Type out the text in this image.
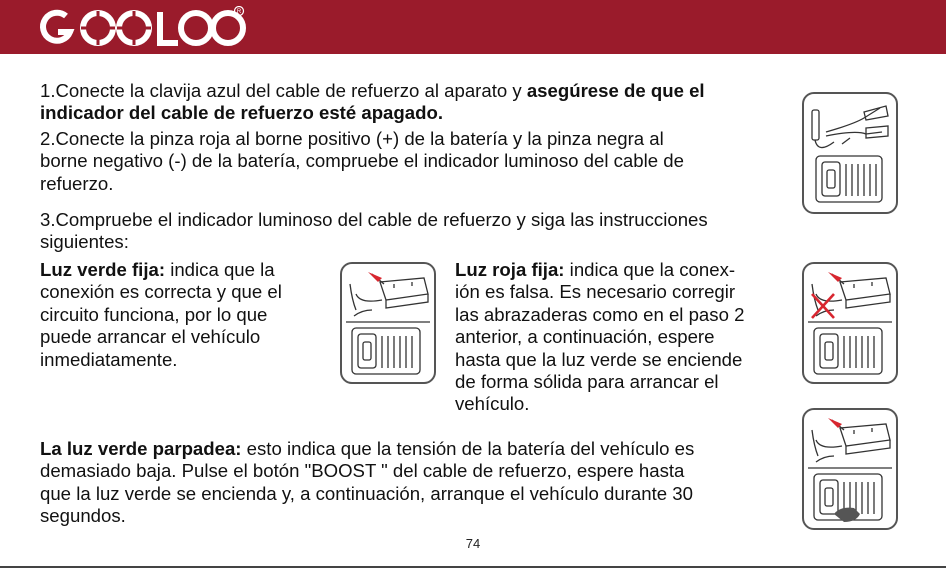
R
1.Conecte la clavija azul del cable de refuerzo al aparato y asegúrese de que el
indicador del cable de refuerzo esté apagado.
2.Conecte la pinza roja al borne positivo (+) de la batería y la pinza negra al
borne negativo (-) de la batería, compruebe el indicador luminoso del cable de
refuerzo.
3.Compruebe el indicador luminoso del cable de refuerzo y siga las instrucciones
siguientes:
Luz verde fija: indica que la
conexión es correcta y que el
circuito funciona, por lo que
puede arrancar el vehículo
inmediatamente.
Luz roja fija: indica que la conex-
ión es falsa. Es necesario corregir
las abrazaderas como en el paso 2
anterior, a continuación, espere
hasta que la luz verde se enciende
de forma sólida para arrancar el
vehículo.
La luz verde parpadea: esto indica que la tensión de la batería del vehículo es
demasiado baja. Pulse el botón "BOOST " del cable de refuerzo, espere hasta
que la luz verde se encienda y, a continuación, arranque el vehículo durante 30
segundos.
74
